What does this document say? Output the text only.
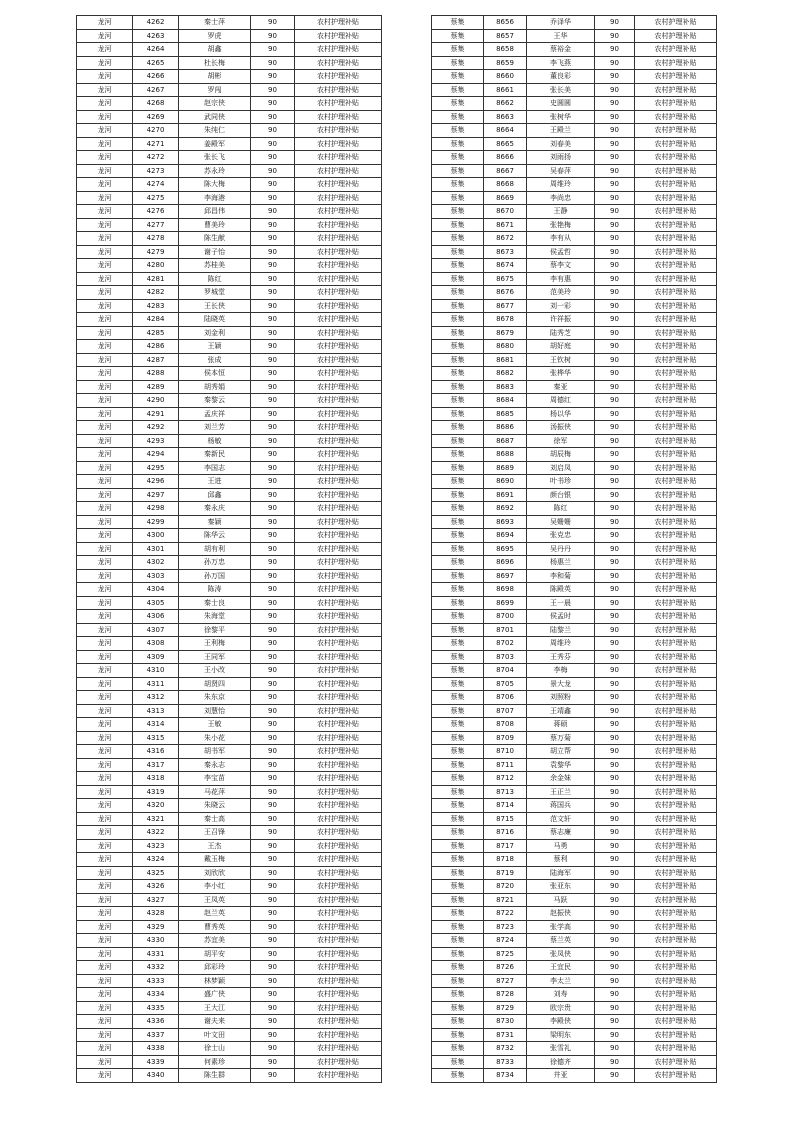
龙河	4262	秦士萍	90	农村护理补贴
龙河	4263	罗虎	90	农村护理补贴
龙河	4264	胡鑫	90	农村护理补贴
龙河	4265	杜长梅	90	农村护理补贴
龙河	4266	胡彬	90	农村护理补贴
龙河	4267	罗闯	90	农村护理补贴
龙河	4268	赵宗侠	90	农村护理补贴
龙河	4269	武同侠	90	农村护理补贴
龙河	4270	朱纯仁	90	农村护理补贴
龙河	4271	姜殿军	90	农村护理补贴
龙河	4272	张长飞	90	农村护理补贴
龙河	4273	苏永玲	90	农村护理补贴
龙河	4274	陈大梅	90	农村护理补贴
龙河	4275	李海港	90	农村护理补贴
龙河	4276	邱昌伟	90	农村护理补贴
龙河	4277	曹美玲	90	农村护理补贴
龙河	4278	陈生献	90	农村护理补贴
龙河	4279	谢子怡	90	农村护理补贴
龙河	4280	苏桂美	90	农村护理补贴
龙河	4281	陈红	90	农村护理补贴
龙河	4282	罗城堂	90	农村护理补贴
龙河	4283	王长侠	90	农村护理补贴
龙河	4284	陆晓英	90	农村护理补贴
龙河	4285	刘金利	90	农村护理补贴
龙河	4286	王颖	90	农村护理补贴
龙河	4287	张成	90	农村护理补贴
龙河	4288	侯本恒	90	农村护理补贴
龙河	4289	胡秀娟	90	农村护理补贴
龙河	4290	秦黎云	90	农村护理补贴
龙河	4291	孟庆祥	90	农村护理补贴
龙河	4292	刘兰芳	90	农村护理补贴
龙河	4293	杨敏	90	农村护理补贴
龙河	4294	秦新民	90	农村护理补贴
龙河	4295	李国志	90	农村护理补贴
龙河	4296	王进	90	农村护理补贴
龙河	4297	邱鑫	90	农村护理补贴
龙河	4298	秦永庆	90	农村护理补贴
龙河	4299	秦颖	90	农村护理补贴
龙河	4300	陈华云	90	农村护理补贴
龙河	4301	胡有利	90	农村护理补贴
龙河	4302	孙万忠	90	农村护理补贴
龙河	4303	孙万国	90	农村护理补贴
龙河	4304	陈涛	90	农村护理补贴
龙河	4305	秦士良	90	农村护理补贴
龙河	4306	朱海堂	90	农村护理补贴
龙河	4307	徐黎平	90	农村护理补贴
龙河	4308	王利梅	90	农村护理补贴
龙河	4309	王同军	90	农村护理补贴
龙河	4310	王小改	90	农村护理补贴
龙河	4311	胡贤四	90	农村护理补贴
龙河	4312	朱东京	90	农村护理补贴
龙河	4313	刘慧怡	90	农村护理补贴
龙河	4314	王敏	90	农村护理补贴
龙河	4315	朱小花	90	农村护理补贴
龙河	4316	胡书军	90	农村护理补贴
龙河	4317	秦永志	90	农村护理补贴
龙河	4318	李宝苗	90	农村护理补贴
龙河	4319	马花萍	90	农村护理补贴
龙河	4320	朱晓云	90	农村护理补贴
龙河	4321	秦士高	90	农村护理补贴
龙河	4322	王召锋	90	农村护理补贴
龙河	4323	王杰	90	农村护理补贴
龙河	4324	戴玉梅	90	农村护理补贴
龙河	4325	刘欣欣	90	农村护理补贴
龙河	4326	李小红	90	农村护理补贴
龙河	4327	王凤英	90	农村护理补贴
龙河	4328	赵兰英	90	农村护理补贴
龙河	4329	曹秀英	90	农村护理补贴
龙河	4330	苏宜美	90	农村护理补贴
龙河	4331	胡平安	90	农村护理补贴
龙河	4332	邱彩玲	90	农村护理补贴
龙河	4333	林梦颖	90	农村护理补贴
龙河	4334	盛广侠	90	农村护理补贴
龙河	4335	王大江	90	农村护理补贴
龙河	4336	谢夫来	90	农村护理补贴
龙河	4337	叶文田	90	农村护理补贴
龙河	4338	徐士山	90	农村护理补贴
龙河	4339	何素珍	90	农村护理补贴
龙河	4340	陈生群	90	农村护理补贴
蔡集	8656	乔泽华	90	农村护理补贴
蔡集	8657	王华	90	农村护理补贴
蔡集	8658	蔡裕金	90	农村护理补贴
蔡集	8659	李飞燕	90	农村护理补贴
蔡集	8660	董良彩	90	农村护理补贴
蔡集	8661	张长美	90	农村护理补贴
蔡集	8662	史圆圆	90	农村护理补贴
蔡集	8663	张树华	90	农村护理补贴
蔡集	8664	王殿兰	90	农村护理补贴
蔡集	8665	刘春美	90	农村护理补贴
蔡集	8666	刘雨扬	90	农村护理补贴
蔡集	8667	吴春萍	90	农村护理补贴
蔡集	8668	周维玲	90	农村护理补贴
蔡集	8669	李尚忠	90	农村护理补贴
蔡集	8670	王静	90	农村护理补贴
蔡集	8671	张艳梅	90	农村护理补贴
蔡集	8672	李有从	90	农村护理补贴
蔡集	8673	侯孟哲	90	农村护理补贴
蔡集	8674	蔡李文	90	农村护理补贴
蔡集	8675	李有惠	90	农村护理补贴
蔡集	8676	范美玲	90	农村护理补贴
蔡集	8677	刘一彩	90	农村护理补贴
蔡集	8678	许祥振	90	农村护理补贴
蔡集	8679	陆秀芝	90	农村护理补贴
蔡集	8680	胡好庭	90	农村护理补贴
蔡集	8681	王钦树	90	农村护理补贴
蔡集	8682	张桦华	90	农村护理补贴
蔡集	8683	秦亚	90	农村护理补贴
蔡集	8684	周德红	90	农村护理补贴
蔡集	8685	杨以华	90	农村护理补贴
蔡集	8686	汤振侠	90	农村护理补贴
蔡集	8687	徐军	90	农村护理补贴
蔡集	8688	胡辰梅	90	农村护理补贴
蔡集	8689	刘启凤	90	农村护理补贴
蔡集	8690	叶书珍	90	农村护理补贴
蔡集	8691	颜台银	90	农村护理补贴
蔡集	8692	陈红	90	农村护理补贴
蔡集	8693	吴姗姗	90	农村护理补贴
蔡集	8694	张克忠	90	农村护理补贴
蔡集	8695	吴丹丹	90	农村护理补贴
蔡集	8696	杨惠兰	90	农村护理补贴
蔡集	8697	李和菊	90	农村护理补贴
蔡集	8698	陈殿英	90	农村护理补贴
蔡集	8699	王一晨	90	农村护理补贴
蔡集	8700	侯孟时	90	农村护理补贴
蔡集	8701	陆黎兰	90	农村护理补贴
蔡集	8702	周维玲	90	农村护理补贴
蔡集	8703	王秀芬	90	农村护理补贴
蔡集	8704	李梅	90	农村护理补贴
蔡集	8705	景大龙	90	农村护理补贴
蔡集	8706	刘照粉	90	农村护理补贴
蔡集	8707	王靖鑫	90	农村护理补贴
蔡集	8708	蒋硕	90	农村护理补贴
蔡集	8709	蔡万菊	90	农村护理补贴
蔡集	8710	胡立帮	90	农村护理补贴
蔡集	8711	袁黎华	90	农村护理补贴
蔡集	8712	余金妹	90	农村护理补贴
蔡集	8713	王正兰	90	农村护理补贴
蔡集	8714	蒋国兵	90	农村护理补贴
蔡集	8715	范文轩	90	农村护理补贴
蔡集	8716	蔡志廉	90	农村护理补贴
蔡集	8717	马勇	90	农村护理补贴
蔡集	8718	蔡利	90	农村护理补贴
蔡集	8719	陆海军	90	农村护理补贴
蔡集	8720	张亚东	90	农村护理补贴
蔡集	8721	马跃	90	农村护理补贴
蔡集	8722	赵振侠	90	农村护理补贴
蔡集	8723	张学高	90	农村护理补贴
蔡集	8724	蔡兰英	90	农村护理补贴
蔡集	8725	张凤侠	90	农村护理补贴
蔡集	8726	王宜民	90	农村护理补贴
蔡集	8727	李太兰	90	农村护理补贴
蔡集	8728	刘寿	90	农村护理补贴
蔡集	8729	欧宗贵	90	农村护理补贴
蔡集	8730	李殿侠	90	农村护理补贴
蔡集	8731	梁明东	90	农村护理补贴
蔡集	8732	张雪礼	90	农村护理补贴
蔡集	8733	徐德齐	90	农村护理补贴
蔡集	8734	井亚	90	农村护理补贴
